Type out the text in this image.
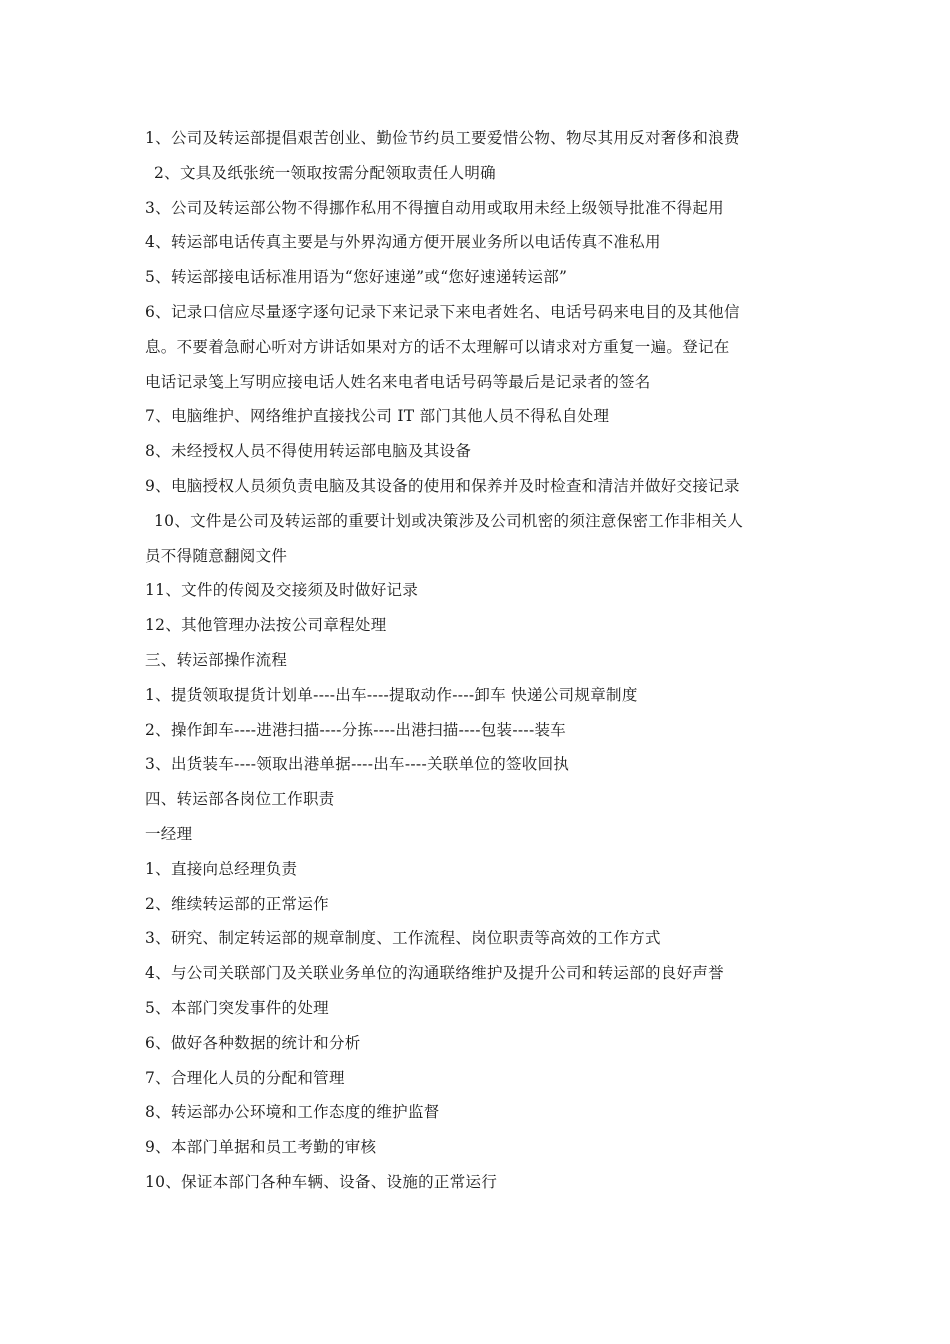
1、公司及转运部提倡艰苦创业、勤俭节约员工要爱惜公物、物尽其用反对奢侈和浪费
2、文具及纸张统一领取按需分配领取责任人明确
3、公司及转运部公物不得挪作私用不得擅自动用或取用未经上级领导批准不得起用
4、转运部电话传真主要是与外界沟通方便开展业务所以电话传真不准私用
5、转运部接电话标准用语为“您好速递”或“您好速递转运部”
6、记录口信应尽量逐字逐句记录下来记录下来电者姓名、电话号码来电目的及其他信
息。不要着急耐心听对方讲话如果对方的话不太理解可以请求对方重复一遍。登记在
电话记录笺上写明应接电话人姓名来电者电话号码等最后是记录者的签名
7、电脑维护、网络维护直接找公司 IT 部门其他人员不得私自处理
8、未经授权人员不得使用转运部电脑及其设备
9、电脑授权人员须负责电脑及其设备的使用和保养并及时检查和清洁并做好交接记录
10、文件是公司及转运部的重要计划或决策涉及公司机密的须注意保密工作非相关人
员不得随意翻阅文件
11、文件的传阅及交接须及时做好记录
12、其他管理办法按公司章程处理
三、转运部操作流程
1、提货领取提货计划单----出车----提取动作----卸车 快递公司规章制度
2、操作卸车----进港扫描----分拣----出港扫描----包装----装车
3、出货装车----领取出港单据----出车----关联单位的签收回执
四、转运部各岗位工作职责
一经理
1、直接向总经理负责
2、维续转运部的正常运作
3、研究、制定转运部的规章制度、工作流程、岗位职责等高效的工作方式
4、与公司关联部门及关联业务单位的沟通联络维护及提升公司和转运部的良好声誉
5、本部门突发事件的处理
6、做好各种数据的统计和分析
7、合理化人员的分配和管理
8、转运部办公环境和工作态度的维护监督
9、本部门单据和员工考勤的审核
10、保证本部门各种车辆、设备、设施的正常运行
